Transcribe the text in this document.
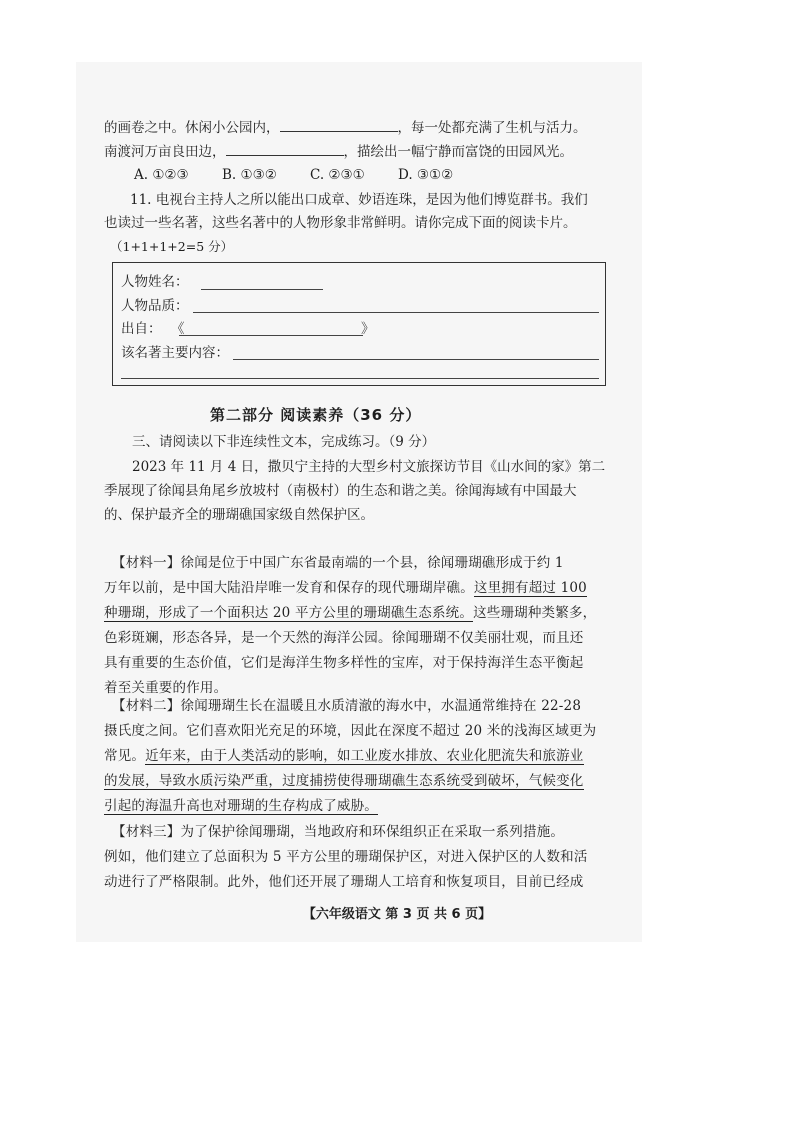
的画卷之中。休闲小公园内，	，每一处都充满了生机与活力。
南渡河万亩良田边，	，描绘出一幅宁静而富饶的田园风光。
A. ①②③ B. ①③② C. ②③① D. ③①②
11. 电视台主持人之所以能出口成章、妙语连珠，是因为他们博览群书。我们
也读过一些名著，这些名著中的人物形象非常鲜明。请你完成下面的阅读卡片。
（1+1+1+2=5 分）
人物姓名：
人物品质：
出自： 《	》
该名著主要内容：
第二部分 阅读素养（36 分）
三、请阅读以下非连续性文本，完成练习。（9 分）
2023 年 11 月 4 日，撒贝宁主持的大型乡村文旅探访节目《山水间的家》第二
季展现了徐闻县角尾乡放坡村（南极村）的生态和谐之美。徐闻海域有中国最大
的、保护最齐全的珊瑚礁国家级自然保护区。
【材料一】徐闻是位于中国广东省最南端的一个县，徐闻珊瑚礁形成于约 1
万年以前，是中国大陆沿岸唯一发育和保存的现代珊瑚岸礁。这里拥有超过 100
种珊瑚，形成了一个面积达 20 平方公里的珊瑚礁生态系统。这些珊瑚种类繁多，
色彩斑斓，形态各异，是一个天然的海洋公园。徐闻珊瑚不仅美丽壮观，而且还
具有重要的生态价值，它们是海洋生物多样性的宝库，对于保持海洋生态平衡起
着至关重要的作用。
【材料二】徐闻珊瑚生长在温暖且水质清澈的海水中，水温通常维持在 22-28
摄氏度之间。它们喜欢阳光充足的环境，因此在深度不超过 20 米的浅海区域更为
常见。近年来，由于人类活动的影响，如工业废水排放、农业化肥流失和旅游业
的发展，导致水质污染严重，过度捕捞使得珊瑚礁生态系统受到破坏，气候变化
引起的海温升高也对珊瑚的生存构成了威胁。
【材料三】为了保护徐闻珊瑚，当地政府和环保组织正在采取一系列措施。
例如，他们建立了总面积为 5 平方公里的珊瑚保护区，对进入保护区的人数和活
动进行了严格限制。此外，他们还开展了珊瑚人工培育和恢复项目，目前已经成
【六年级语文 第 3 页 共 6 页】
